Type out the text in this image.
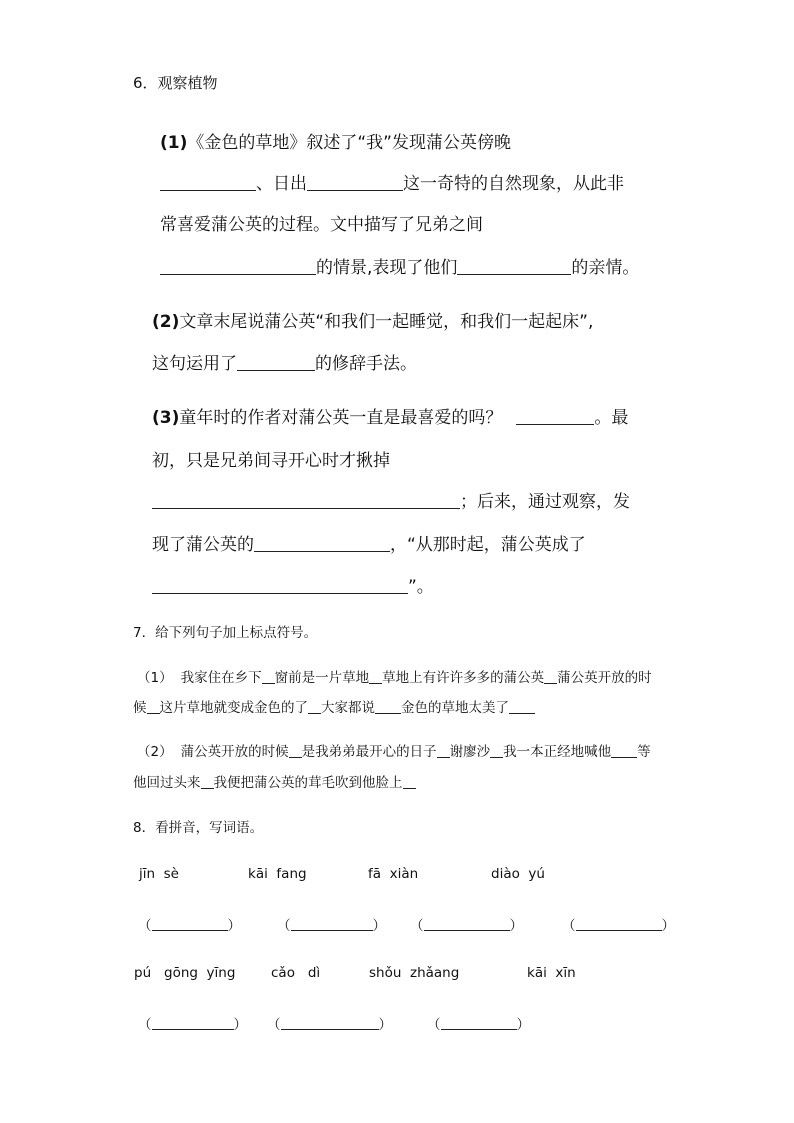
6．观察植物
(1)《金色的草地》叙述了“我”发现蒲公英傍晚
、日出	这一奇特的自然现象，从此非
常喜爱蒲公英的过程。文中描写了兄弟之间
的情景,表现了他们	的亲情。
(2)文章末尾说蒲公英“和我们一起睡觉，和我们一起起床”,
这句运用了	的修辞手法。
(3)童年时的作者对蒲公英一直是最喜爱的吗？	。最
初，只是兄弟间寻开心时才揪掉
；后来，通过观察，发
现了蒲公英的	，“从那时起，蒲公英成了
”。
7．给下列句子加上标点符号。
（1） 我家住在乡下 窗前是一片草地 草地上有许许多多的蒲公英 蒲公英开放的时
候 这片草地就变成金色的了 大家都说 金色的草地太美了
（2） 蒲公英开放的时候 是我弟弟最开心的日子 谢廖沙 我一本正经地喊他 等
他回过头来 我便把蒲公英的茸毛吹到他脸上
8．看拼音，写词语。
jīn  sè	kāi  fang	fā  xiàn	diào  yú
（	）	（	） （	）	（	）
pú   gōng  yīng	cǎo   dì	shǒu  zhǎang	kāi  xīn
（	） （	）	（	）
